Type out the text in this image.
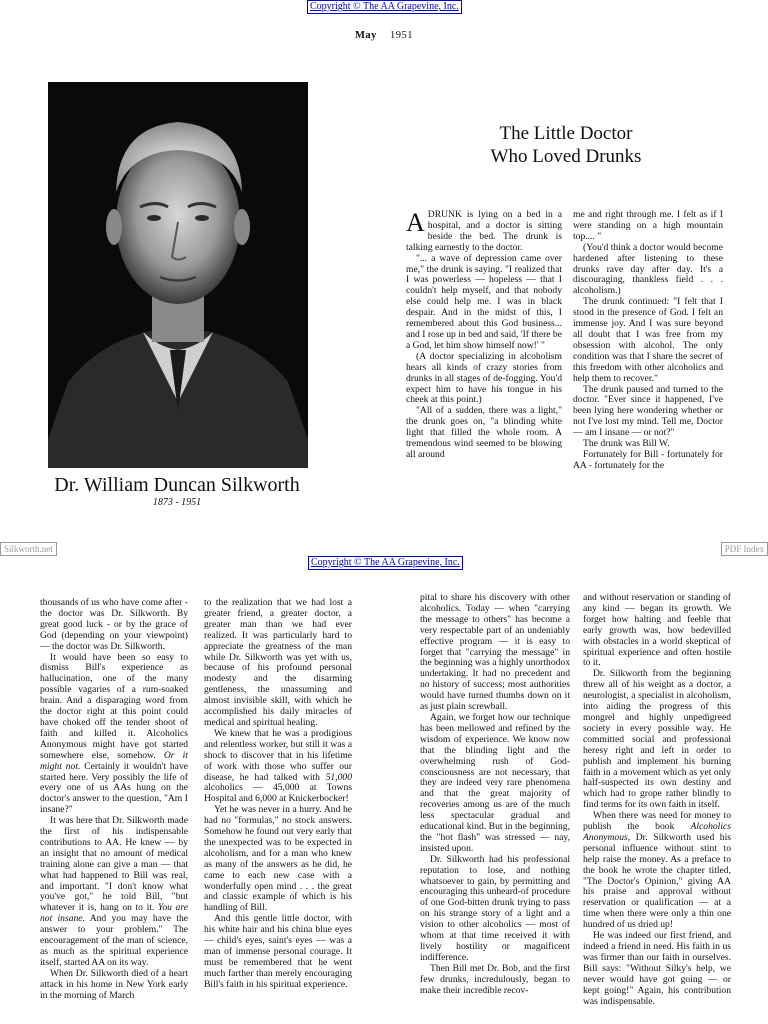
Copyright © The AA Grapevine, Inc.
May 1951
Dr. William Duncan Silkworth
1873 - 1951
The Little Doctor
Who Loved Drunks

ADRUNK is lying on a bed in a hospital, and a doctor is sitting beside the bed. The drunk is talking earnestly to the doctor.

"... a wave of depression came over me," the drunk is saying. "I realized that I was powerless — hopeless — that I couldn't help myself, and that nobody else could help me. I was in black despair. And in the midst of this, I remembered about this God business... and I rose up in bed and said, 'If there be a God, let him show himself now!' "

(A doctor specializing in alcoholism hears all kinds of crazy stories from drunks in all stages of de-fogging. You'd expect him to have his tongue in his cheek at this point.)

"All of a sudden, there was a light," the drunk goes on, "a blinding white light that filled the whole room. A tremendous wind seemed to be blowing all around

me and right through me. I felt as if I were standing on a high mountain top.... "

(You'd think a doctor would become hardened after listening to these drunks rave day after day. It's a discouraging, thankless field . . . alcoholism.)

The drunk continued: "I felt that I stood in the presence of God. I felt an immense joy. And I was sure beyond all doubt that I was free from my obsession with alcohol. The only condition was that I share the secret of this freedom with other alcoholics and help them to recover."

The drunk paused and turned to the doctor. "Ever since it happened, I've been lying here wondering whether or not I've lost my mind. Tell me, Doctor — am I insane — or not?"

The drunk was Bill W.

Fortunately for Bill - fortunately for AA - fortunately for the

Silkworth.net	PDF Index
Copyright © The AA Grapevine, Inc.

thousands of us who have come after - the doctor was Dr. Silkworth. By great good luck - or by the grace of God (depending on your viewpoint) — the doctor was Dr. Silkworth.

It would have been so easy to dismiss Bill's experience as hallucination, one of the many possible vagaries of a rum-soaked brain. And a disparaging word from the doctor right at this point could have choked off the tender shoot of faith and killed it. Alcoholics Anonymous might have got started somewhere else, somehow. Or it might not. Certainly it wouldn't have started here. Very possibly the life of every one of us AAs hung on the doctor's answer to the question, "Am I insane?"

It was here that Dr. Silkworth made the first of his indispensable contributions to AA. He knew — by an insight that no amount of medical training alone can give a man — that what had happened to Bill was real, and important. "I don't know what you've got," he told Bill, "but whatever it is, hang on to it. You are not insane. And you may have the answer to your problem." The encouragement of the man of science, as much as the spiritual experience itself, started AA on its way.

When Dr. Silkworth died of a heart attack in his home in New York early in the morning of March

to the realization that we had lost a greater friend, a greater doctor, a greater man than we had ever realized. It was particularly hard to appreciate the greatness of the man while Dr. Silkworth was yet with us, because of his profound personal modesty and the disarming gentleness, the unassuming and almost invisible skill, with which he accomplished his daily miracles of medical and spiritual healing.

We knew that he was a prodigious and relentless worker, but still it was a shock to discover that in his lifetime of work with those who suffer our disease, he had talked with 51,000 alcoholics — 45,000 at Towns Hospital and 6,000 at Knickerbocker!

Yet he was never in a hurry. And he had no "formulas," no stock answers. Somehow he found out very early that the unexpected was to be expected in alcoholism, and for a man who knew as many of the answers as he did, he came to each new case with a wonderfully open mind . . . the great and classic example of which is his handling of Bill.

And this gentle little doctor, with his white hair and his china blue eyes — child's eyes, saint's eyes — was a man of immense personal courage. It must be remembered that he went much farther than merely encouraging Bill's faith in his spiritual experience.

pital to share his discovery with other alcoholics. Today — when "carrying the message to others" has become a very respectable part of an undeniably effective program — it is easy to forget that "carrying the message" in the beginning was a highly unorthodox undertaking. It had no precedent and no history of success; most authorities would have turned thumbs down on it as just plain screwball.

Again, we forget how our technique has been mellowed and refined by the wisdom of experience. We know now that the blinding light and the overwhelming rush of God-consciousness are not necessary, that they are indeed very rare phenomena and that the great majority of recoveries among us are of the much less spectacular gradual and educational kind. But in the beginning, the "hot flash" was stressed — nay, insisted upon.

Dr. Silkworth had his professional reputation to lose, and nothing whatsoever to gain, by permitting and encouraging this unheard-of procedure of one God-bitten drunk trying to pass on his strange story of a light and a vision to other alcoholics — most of whom at that time received it with lively hostility or magnificent indifference.

Then Bill met Dr. Bob, and the first few drunks, incredulously, began to make their incredible recov-

and without reservation or standing of any kind — began its growth. We forget how halting and feeble that early growth was, how bedevilled with obstacles in a world skeptical of spiritual experience and often hostile to it.

Dr. Silkworth from the beginning threw all of his weight as a doctor, a neurologist, a specialist in alcoholism, into aiding the progress of this mongrel and highly unpedigreed society in every possible way. He committed social and professional heresy right and left in order to publish and implement his burning faith in a movement which as yet only half-suspected its own destiny and which had to grope rather blindly to find terms for its own faith in itself.

When there was need for money to publish the book Alcoholics Anonymous, Dr. Silkworth used his personal influence without stint to help raise the money. As a preface to the book he wrote the chapter titled, "The Doctor's Opinion," giving AA his praise and approval without reservation or qualification — at a time when there were only a thin one hundred of us dried up!

He was indeed our first friend, and indeed a friend in need. His faith in us was firmer than our faith in ourselves. Bill says: "Without Silky's help, we never would have got going — or kept going!" Again, his contribution was indispensable.
